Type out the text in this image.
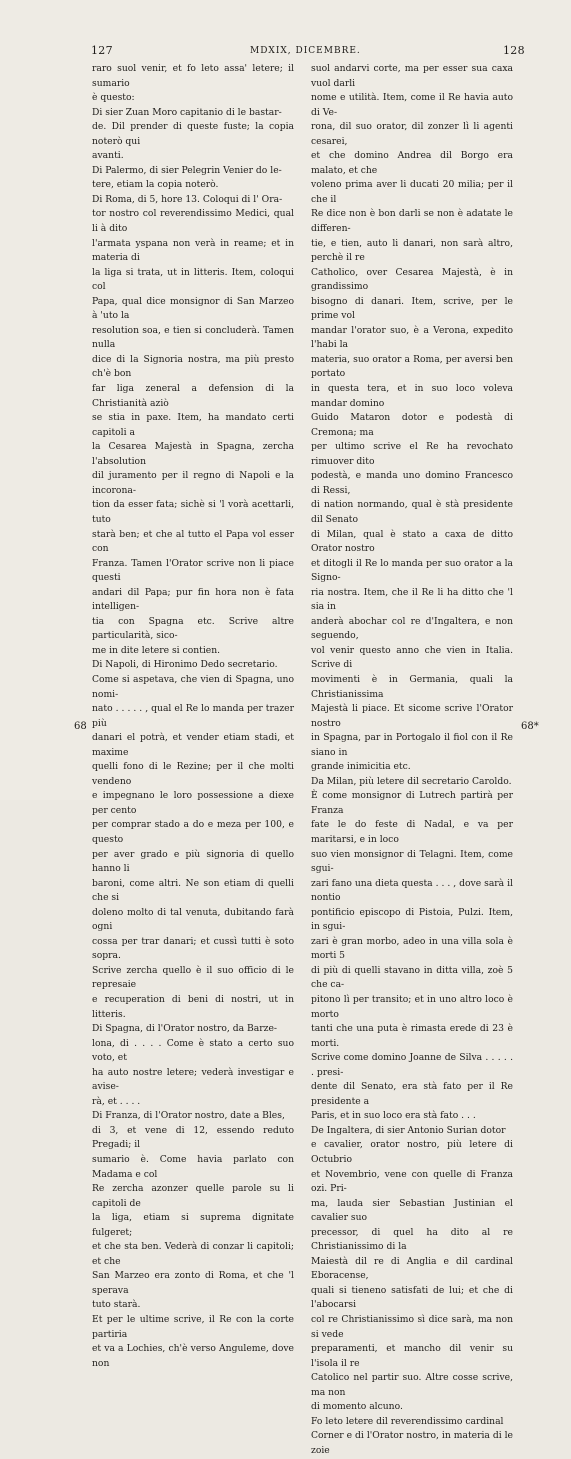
127	MDXIX, DICEMBRE.	128

raro suol venir, et fo leto assa' letere; il sumario

è questo:

Di sier Zuan Moro capitanio di le bastar-

de. Dil prender di queste fuste; la copia noterò qui

avanti.

Di Palermo, di sier Pelegrin Venier do le-

tere, etiam la copia noterò.

Di Roma, di 5, hore 13. Coloqui di l' Ora-

tor nostro col reverendissimo Medici, qual li à dito

l'armata yspana non verà in reame; et in materia di

la liga si trata, ut in litteris. Item, coloqui col

Papa, qual dice monsignor di San Marzeo à 'uto la

resolution soa, e tien si concluderà. Tamen nulla

dice di la Signoria nostra, ma più presto ch'è bon

far liga zeneral a defension di la Christianità aziò

se stia in paxe. Item, ha mandato certi capitoli a

la Cesarea Majestà in Spagna, zercha l'absolution

dil juramento per il regno di Napoli e la incorona-

tion da esser fata; sichè si 'l vorà acettarli, tuto

starà ben; et che al tutto el Papa vol esser con

Franza. Tamen l'Orator scrive non li piace questi

andari dil Papa; pur fin hora non è fata intelligen-

tia con Spagna etc. Scrive altre particularità, sico-

me in dite letere si contien.

Di Napoli, di Hironimo Dedo secretario.

Come si aspetava, che vien di Spagna, uno nomi-

nato . . . . . , qual el Re lo manda per trazer più

danari el potrà, et vender etiam stadi, et maxime

quelli fono di le Rezine; per il che molti vendeno

e impegnano le loro possessione a diexe per cento

per comprar stado a do e meza per 100, e questo

per aver grado e più signoria di quello hanno li

baroni, come altri. Ne son etiam di quelli che si

doleno molto di tal venuta, dubitando farà ogni

cossa per trar danari; et cussì tutti è soto sopra.

Scrive zercha quello è il suo officio di le represaie

e recuperation di beni di nostri, ut in litteris.

Di Spagna, di l'Orator nostro, da Barze-

lona, di . . . . Come è stato a certo suo voto, et

ha auto nostre letere; vederà investigar e avise-

rà, et . . . .

Di Franza, di l'Orator nostro, date a Bles,

di 3, et vene di 12, essendo reduto Pregadi; il

sumario è. Come havia parlato con Madama e col

Re zercha azonzer quelle parole su li capitoli de

la liga, etiam si suprema dignitate fulgeret;

et che sta ben. Vederà di conzar li capitoli; et che

San Marzeo era zonto di Roma, et che 'l sperava

tuto starà.

Et per le ultime scrive, il Re con la corte partiria

et va a Lochies, ch'è verso Anguleme, dove non

suol andarvi corte, ma per esser sua caxa vuol darli

nome e utilità. Item, come il Re havia auto di Ve-

rona, dil suo orator, dil zonzer lì li agenti cesarei,

et che domino Andrea dil Borgo era malato, et che

voleno prima aver li ducati 20 milia; per il che il

Re dice non è bon darli se non è adatate le differen-

tie, e tien, auto li danari, non sarà altro, perchè il re

Catholico, over Cesarea Majestà, è in grandissimo

bisogno di danari. Item, scrive, per le prime vol

mandar l'orator suo, è a Verona, expedito l'habi la

materia, suo orator a Roma, per aversi ben portato

in questa tera, et in suo loco voleva mandar domino

Guido Mataron dotor e podestà di Cremona; ma

per ultimo scrive el Re ha revochato rimuover dito

podestà, e manda uno domino Francesco di Ressi,

di nation normando, qual è stà presidente dil Senato

di Milan, qual è stato a caxa de ditto Orator nostro

et ditogli il Re lo manda per suo orator a la Signo-

ria nostra. Item, che il Re li ha ditto che 'l sia in

anderà abochar col re d'Ingaltera, e non seguendo,

vol venir questo anno che vien in Italia. Scrive di

movimenti è in Germania, quali la Christianissima

Majestà li piace. Et sicome scrive l'Orator nostro

in Spagna, par in Portogalo il fiol con il Re siano in

grande inimicitia etc.

Da Milan, più letere dil secretario Caroldo.

È come monsignor di Lutrech partirà per Franza

fate le do feste di Nadal, e va per maritarsi, e in loco

suo vien monsignor di Telagni. Item, come sgui-

zari fano una dieta questa . . . , dove sarà il nontio

pontificio episcopo di Pistoia, Pulzi. Item, in sgui-

zari è gran morbo, adeo in una villa sola è morti 5

di più di quelli stavano in ditta villa, zoè 5 che ca-

pitono lì per transito; et in uno altro loco è morto

tanti che una puta è rimasta erede di 23 è morti.

Scrive come domino Joanne de Silva . . . . . . presi-

dente dil Senato, era stà fato per il Re presidente a

Paris, et in suo loco era stà fato . . .

De Ingaltera, di sier Antonio Surian dotor

e cavalier, orator nostro, più letere di Octubrio

et Novembrio, vene con quelle di Franza ozi. Pri-

ma, lauda sier Sebastian Justinian el cavalier suo

precessor, di quel ha dito al re Christianissimo di la

Maiestà dil re di Anglia e dil cardinal Eboracense,

quali si tieneno satisfati de lui; et che di l'abocarsi

col re Christianissimo sì dice sarà, ma non si vede

preparamenti, et mancho dil venir su l'isola il re

Catolico nel partir suo. Altre cosse scrive, ma non

di momento alcuno.

Fo leto letere dil reverendissimo cardinal

Corner e di l'Orator nostro, in materia di le zoie

68	68*
